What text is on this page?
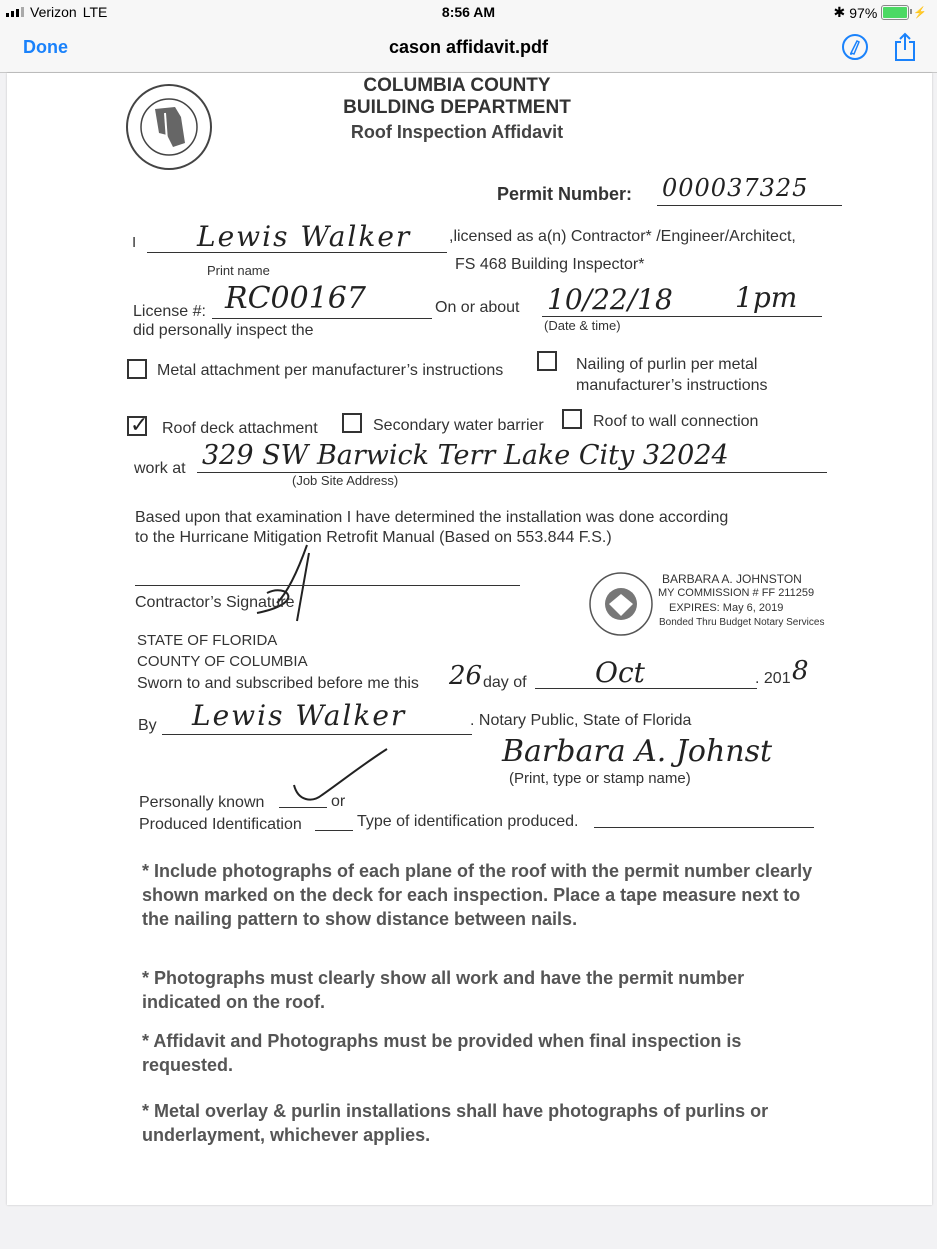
Verizon LTE	8:56 AM	✱ 97%	⚡
Done	cason affidavit.pdf
COLUMBIA COUNTY
BUILDING DEPARTMENT
Roof Inspection Affidavit
Permit Number: 000037325
I Lewis Walker ,licensed as a(n) Contractor* /Engineer/Architect,
Print name	FS 468 Building Inspector*
License #: RC00167	On or about 10/22/18 1pm
(Date & time)
did personally inspect the
Metal attachment per manufacturer’s instructions	Nailing of purlin per metal
manufacturer’s instructions
✓ Roof deck attachment	Secondary water barrier	Roof to wall connection
work at 329 SW Barwick Terr Lake City 32024
(Job Site Address)
Based upon that examination I have determined the installation was done according
to the Hurricane Mitigation Retrofit Manual (Based on 553.844 F.S.)
Contractor’s Signature
BARBARA A. JOHNSTON
MY COMMISSION # FF 211259
EXPIRES: May 6, 2019
Bonded Thru Budget Notary Services
STATE OF FLORIDA
COUNTY OF COLUMBIA
Sworn to and subscribed before me this 26 day of Oct	. 201 8
By Lewis Walker	. Notary Public, State of Florida
Barbara A. Johnst
(Print, type or stamp name)
Personally known	or
Produced Identification	Type of identification produced.
* Include photographs of each plane of the roof with the permit number clearly shown marked on the deck for each inspection. Place a tape measure next to the nailing pattern to show distance between nails.
* Photographs must clearly show all work and have the permit number indicated on the roof.
* Affidavit and Photographs must be provided when final inspection is requested.
* Metal overlay & purlin installations shall have photographs of purlins or underlayment, whichever applies.
